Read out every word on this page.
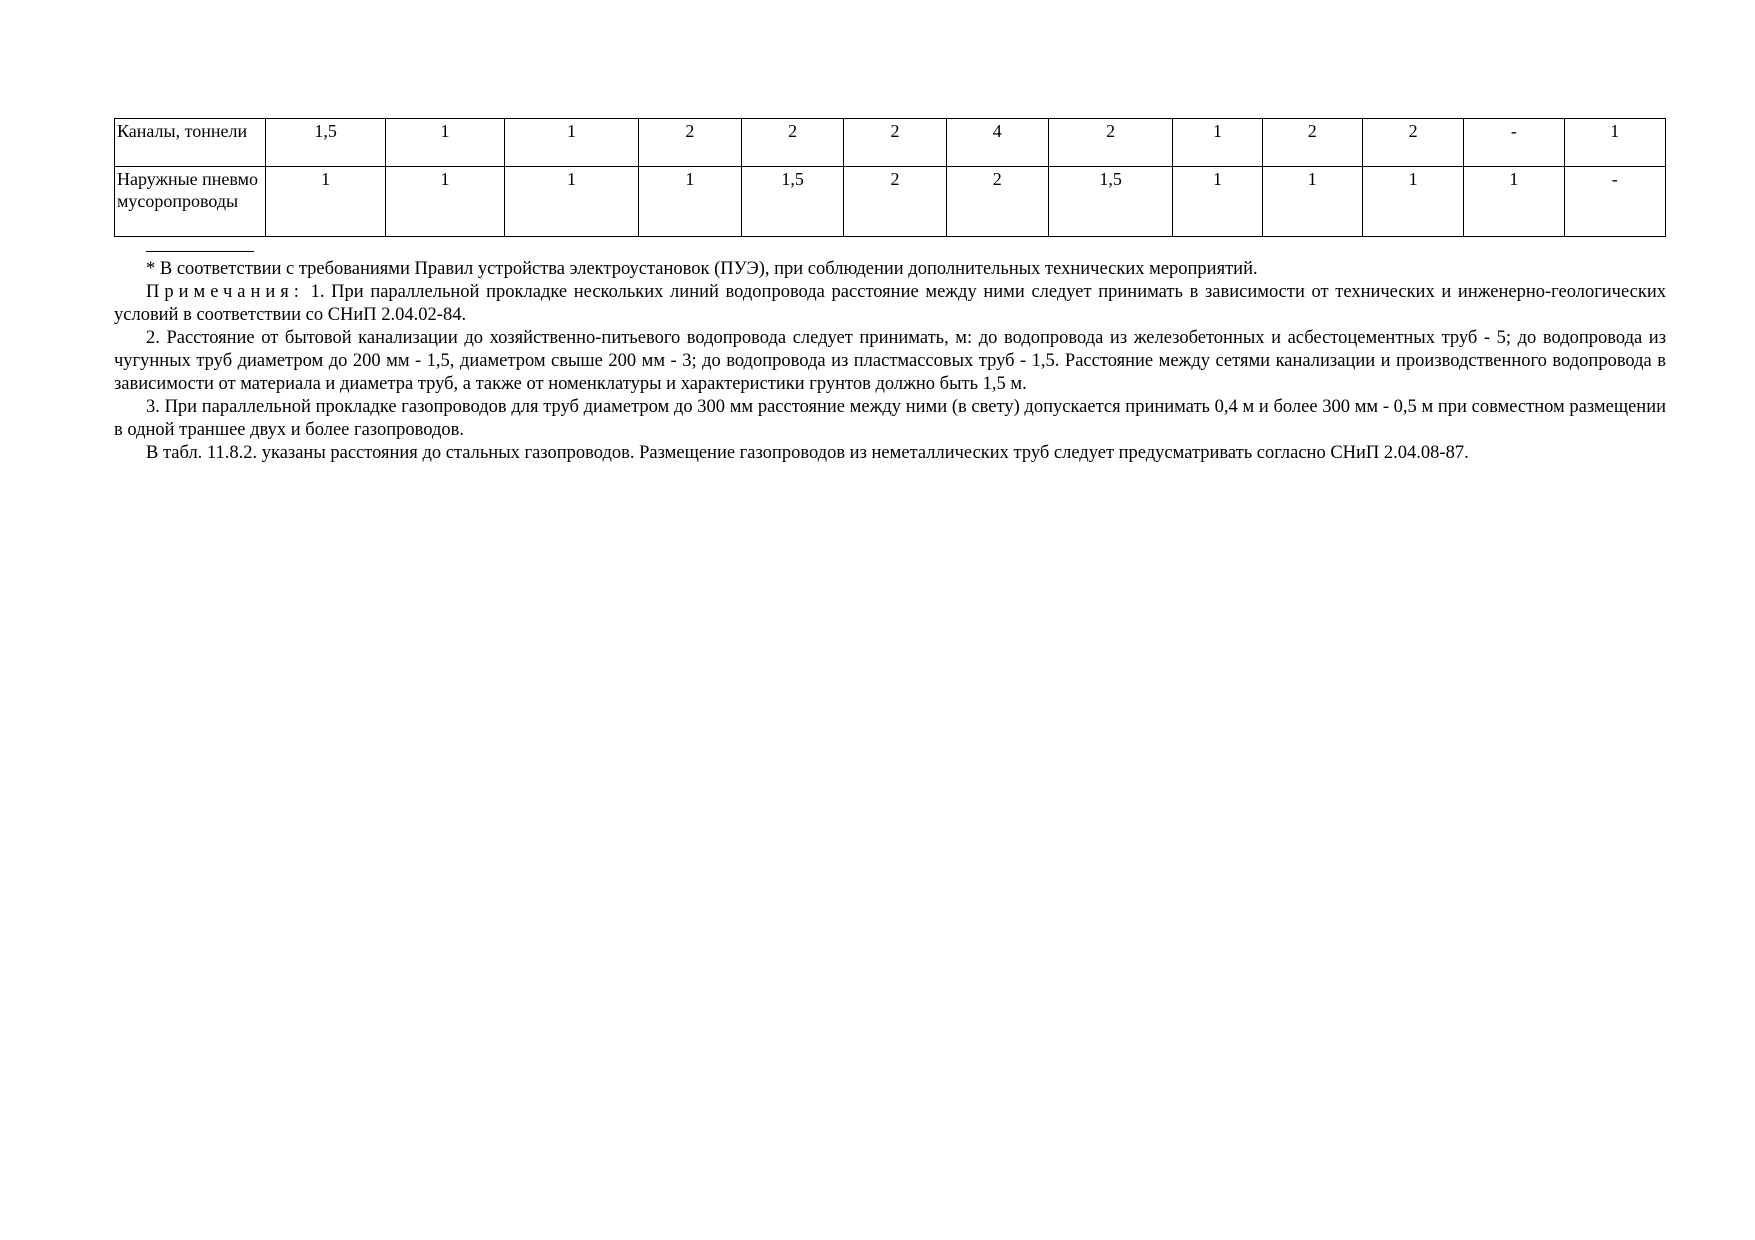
Каналы, тоннели	1,5	1	1	2	2	2	4	2	1	2	2	-	1
Наружные пневмомусоропроводы	1	1	1	1	1,5	2	2	1,5	1	1	1	1	-

* В соответствии с требованиями Правил устройства электроустановок (ПУЭ), при соблюдении дополнительных технических мероприятий.

Примечания: 1. При параллельной прокладке нескольких линий водопровода расстояние между ними следует принимать в зависимости от технических и инженерно-геологических условий в соответствии со СНиП 2.04.02-84.

2. Расстояние от бытовой канализации до хозяйственно-питьевого водопровода следует принимать, м: до водопровода из железобетонных и асбестоцементных труб - 5; до водопровода из чугунных труб диаметром до 200 мм - 1,5, диаметром свыше 200 мм - 3; до водопровода из пластмассовых труб - 1,5. Расстояние между сетями канализации и производственного водопровода в зависимости от материала и диаметра труб, а также от номенклатуры и характеристики грунтов должно быть 1,5 м.

3. При параллельной прокладке газопроводов для труб диаметром до 300 мм расстояние между ними (в свету) допускается принимать 0,4 м и более 300 мм - 0,5 м при совместном размещении в одной траншее двух и более газопроводов.

В табл. 11.8.2. указаны расстояния до стальных газопроводов. Размещение газопроводов из неметаллических труб следует предусматривать согласно СНиП 2.04.08-87.
